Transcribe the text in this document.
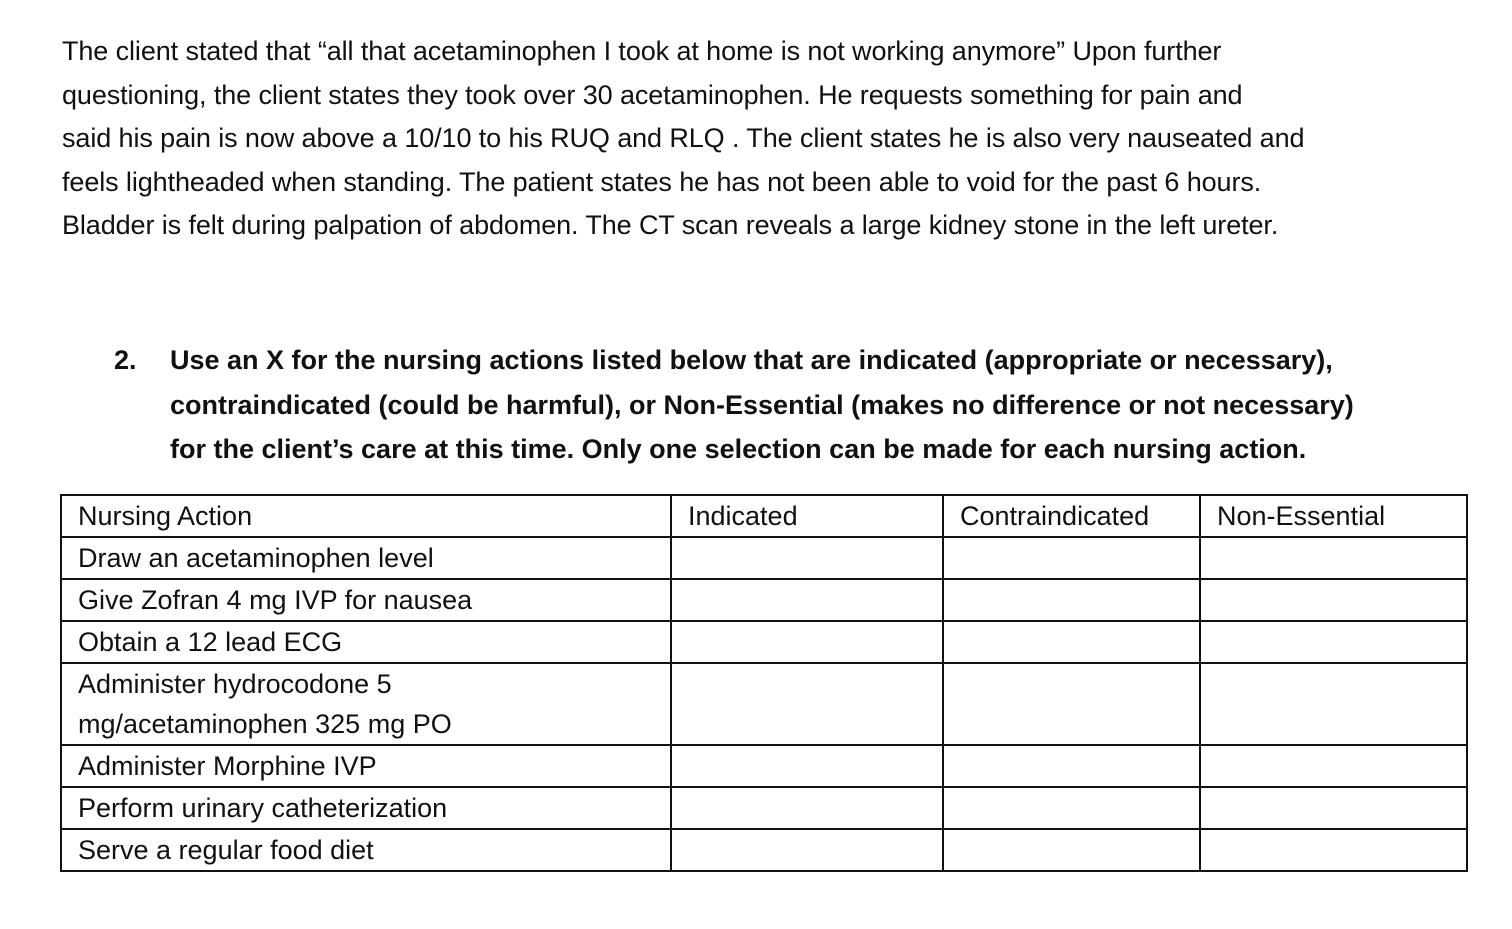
The client stated that “all that acetaminophen I took at home is not working anymore” Upon further
questioning, the client states they took over 30 acetaminophen. He requests something for pain and
said his pain is now above a 10/10 to his RUQ and RLQ . The client states he is also very nauseated and
feels lightheaded when standing. The patient states he has not been able to void for the past 6 hours.
Bladder is felt during palpation of abdomen. The CT scan reveals a large kidney stone in the left ureter.
2. Use an X for the nursing actions listed below that are indicated (appropriate or necessary),
contraindicated (could be harmful), or Non-Essential (makes no difference or not necessary)
for the client’s care at this time. Only one selection can be made for each nursing action.
Nursing Action	Indicated	Contraindicated	Non-Essential
Draw an acetaminophen level			
Give Zofran 4 mg IVP for nausea			
Obtain a 12 lead ECG			

Administer hydrocodone 5
mg/acetaminophen 325 mg PO			

Administer Morphine IVP			
Perform urinary catheterization			
Serve a regular food diet			
